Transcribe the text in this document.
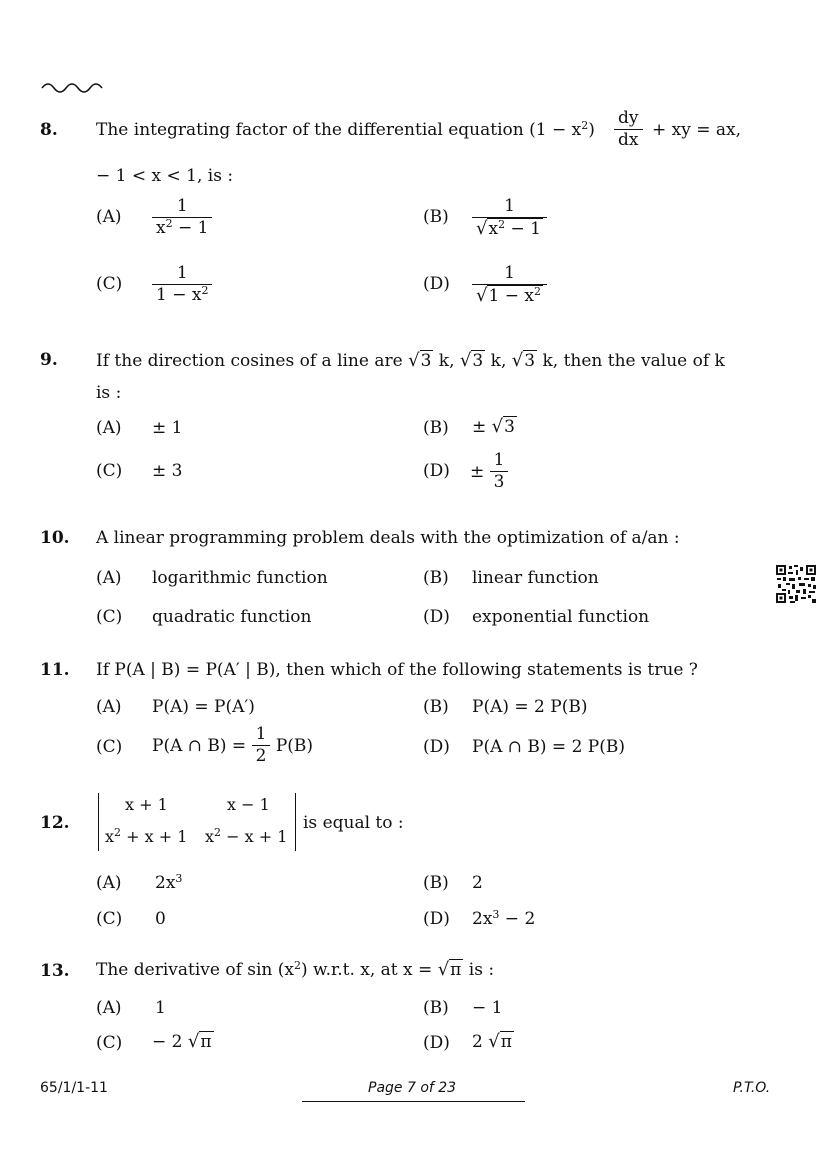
8. The integrating factor of the differential equation $(1 - x^2) \frac{dy}{dx}$ + xy = ax,
− 1 < x < 1, is :
$(A) \frac{1}{x^2 - 1}$	$(B) \frac{1}{√x^2 - 1}$
$(C) \frac{1}{1 - x^2}$	$(D) \frac{1}{√1 - x^2}$
9. If the direction cosines of a line are √3 k, √3 k, √3 k, then the value of k
is :
(A) ± 1	(B) ± √3
(C) ± 3	$(D) \pm \frac{1}{3}$
10. A linear programming problem deals with the optimization of a/an :
(A) logarithmic function	(B) linear function
(C) quadratic function	(D) exponential function
11. If P(A | B) = P(A′ | B), then which of the following statements is true ?
(A) P(A) = P(A′)	(B) P(A) = 2 P(B)
(C) P(A ∩ $B) = \frac{1}{2} P(B)$	(D) P(A ∩ B) = 2 P(B)
12.
x + 1	x − 1
$x^2 + x + 1$ $x^2 - x + 1$
is equal to :
(A) $2x^3$	(B) 2
(C) 0	(D) $2x^3 - 2$
13. The derivative of $\sin (x^2)$ w.r.t. x, at x = √π is :
(A) 1	(B) − 1
(C) − 2 √π	(D) 2 √π
65/1/1-11	Page 7 of 23	P.T.O.
